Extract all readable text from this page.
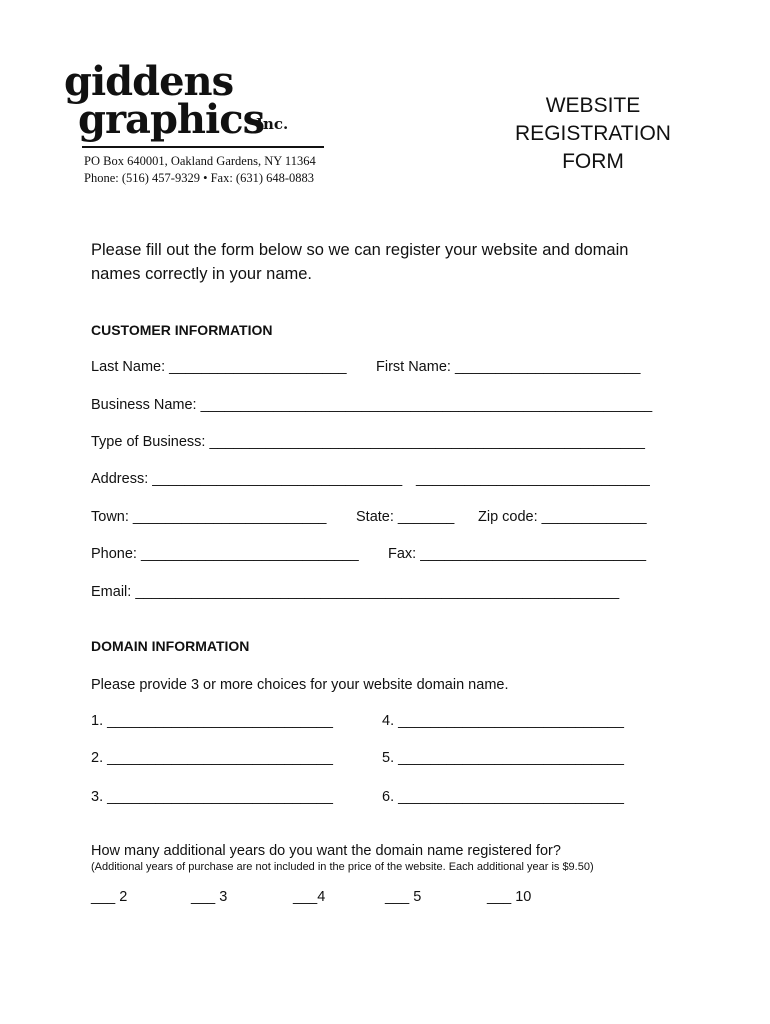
giddens
graphics
Inc.
PO Box 640001, Oakland Gardens, NY 11364
Phone: (516) 457-9329 • Fax: (631) 648-0883
WEBSITE
REGISTRATION
FORM
Please fill out the form below so we can register your website and domain
names correctly in your name.
CUSTOMER INFORMATION
Last Name: ______________________ First Name: _______________________
Business Name: ________________________________________________________
Type of Business: ______________________________________________________
Address: _______________________________ _____________________________
Town: ________________________ State: _______ Zip code: _____________
Phone: ___________________________ Fax: ____________________________
Email: ____________________________________________________________
DOMAIN INFORMATION
Please provide 3 or more choices for your website domain name.
1. ____________________________	4. ____________________________
2. ____________________________	5. ____________________________
3. ____________________________	6. ____________________________
How many additional years do you want the domain name registered for?
(Additional years of purchase are not included in the price of the website. Each additional year is $9.50)
___ 2	___ 3	___4	___ 5	___ 10
